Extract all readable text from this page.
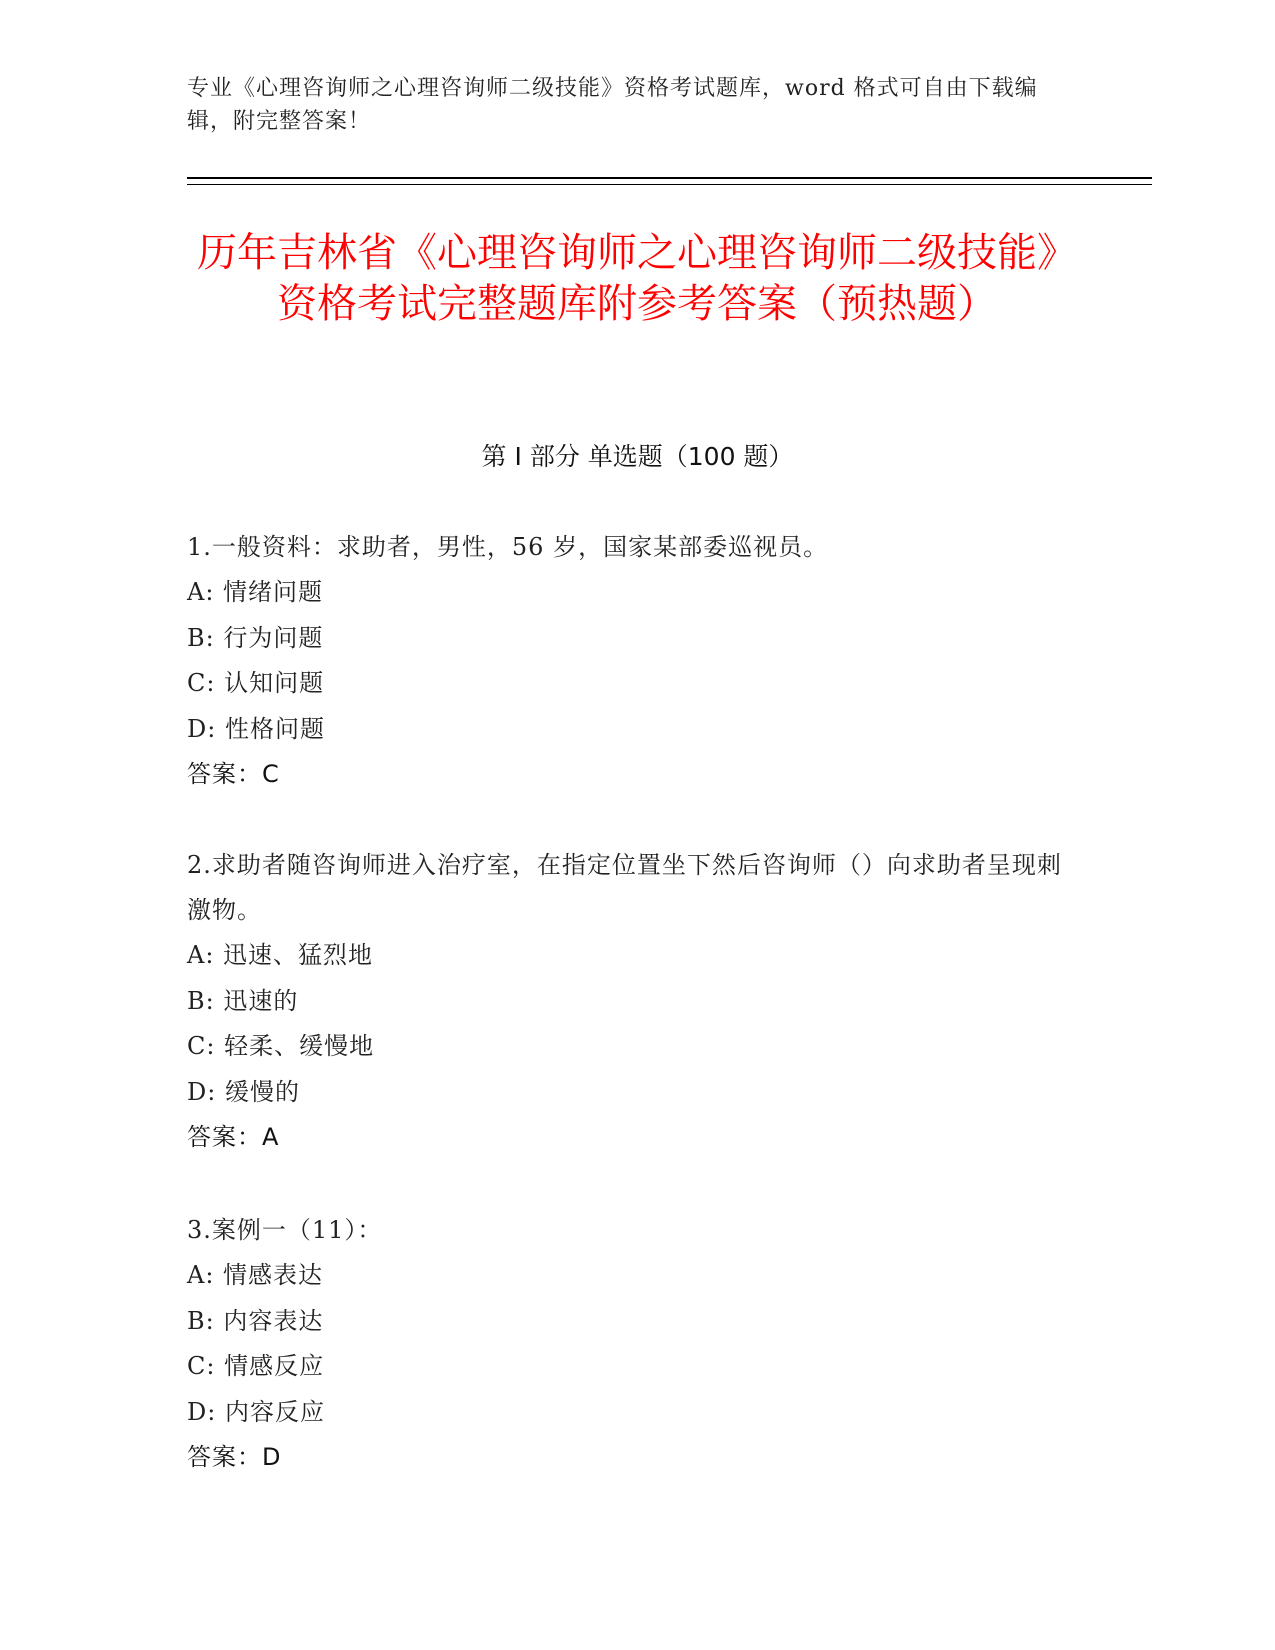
专业《心理咨询师之心理咨询师二级技能》资格考试题库，word 格式可自由下载编辑，附完整答案！
历年吉林省《心理咨询师之心理咨询师二级技能》资格考试完整题库附参考答案（预热题）
第 I 部分 单选题（100 题）
1.一般资料：求助者，男性，56 岁，国家某部委巡视员。
A: 情绪问题
B: 行为问题
C: 认知问题
D: 性格问题
答案：C
2.求助者随咨询师进入治疗室，在指定位置坐下然后咨询师（）向求助者呈现刺激物。
A: 迅速、猛烈地
B: 迅速的
C: 轻柔、缓慢地
D: 缓慢的
答案：A
3.案例一（11）：
A: 情感表达
B: 内容表达
C: 情感反应
D: 内容反应
答案：D
